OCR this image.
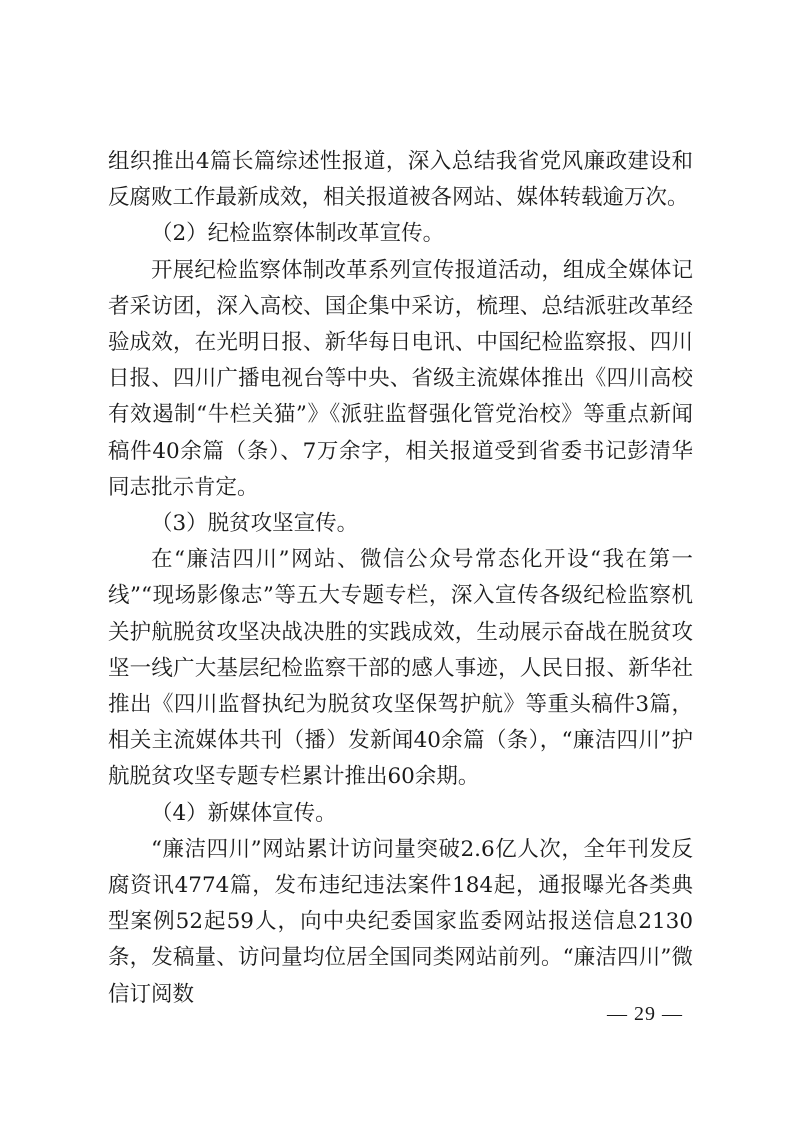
组织推出4篇长篇综述性报道，深入总结我省党风廉政建设和反腐败工作最新成效，相关报道被各网站、媒体转载逾万次。

（2）纪检监察体制改革宣传。

开展纪检监察体制改革系列宣传报道活动，组成全媒体记者采访团，深入高校、国企集中采访，梳理、总结派驻改革经验成效，在光明日报、新华每日电讯、中国纪检监察报、四川日报、四川广播电视台等中央、省级主流媒体推出《四川高校有效遏制“牛栏关猫”》《派驻监督强化管党治校》等重点新闻稿件40余篇（条）、7万余字，相关报道受到省委书记彭清华同志批示肯定。

（3）脱贫攻坚宣传。

在“廉洁四川”网站、微信公众号常态化开设“我在第一线”“现场影像志”等五大专题专栏，深入宣传各级纪检监察机关护航脱贫攻坚决战决胜的实践成效，生动展示奋战在脱贫攻坚一线广大基层纪检监察干部的感人事迹，人民日报、新华社推出《四川监督执纪为脱贫攻坚保驾护航》等重头稿件3篇，相关主流媒体共刊（播）发新闻40余篇（条），“廉洁四川”护航脱贫攻坚专题专栏累计推出60余期。

（4）新媒体宣传。

“廉洁四川”网站累计访问量突破2.6亿人次，全年刊发反腐资讯4774篇，发布违纪违法案件184起，通报曝光各类典型案例52起59人，向中央纪委国家监委网站报送信息2130条，发稿量、访问量均位居全国同类网站前列。“廉洁四川”微信订阅数

— 29 —
